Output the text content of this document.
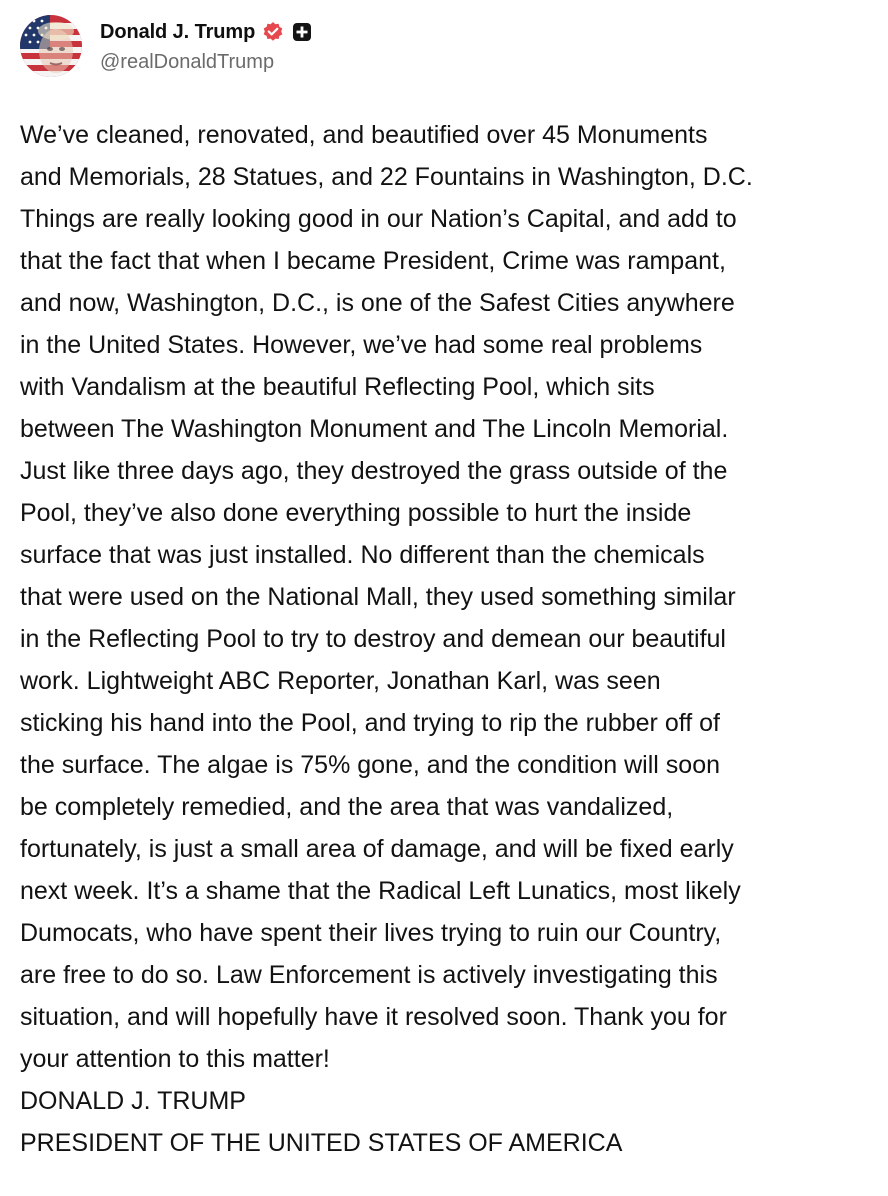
Donald J. Trump
@realDonaldTrump

We’ve cleaned, renovated, and beautified over 45 Monuments
and Memorials, 28 Statues, and 22 Fountains in Washington, D.C.
Things are really looking good in our Nation’s Capital, and add to
that the fact that when I became President, Crime was rampant,
and now, Washington, D.C., is one of the Safest Cities anywhere
in the United States. However, we’ve had some real problems
with Vandalism at the beautiful Reflecting Pool, which sits
between The Washington Monument and The Lincoln Memorial.
Just like three days ago, they destroyed the grass outside of the
Pool, they’ve also done everything possible to hurt the inside
surface that was just installed. No different than the chemicals
that were used on the National Mall, they used something similar
in the Reflecting Pool to try to destroy and demean our beautiful
work. Lightweight ABC Reporter, Jonathan Karl, was seen
sticking his hand into the Pool, and trying to rip the rubber off of
the surface. The algae is 75% gone, and the condition will soon
be completely remedied, and the area that was vandalized,
fortunately, is just a small area of damage, and will be fixed early
next week. It’s a shame that the Radical Left Lunatics, most likely
Dumocats, who have spent their lives trying to ruin our Country,
are free to do so. Law Enforcement is actively investigating this
situation, and will hopefully have it resolved soon. Thank you for
your attention to this matter!

DONALD J. TRUMP
PRESIDENT OF THE UNITED STATES OF AMERICA
